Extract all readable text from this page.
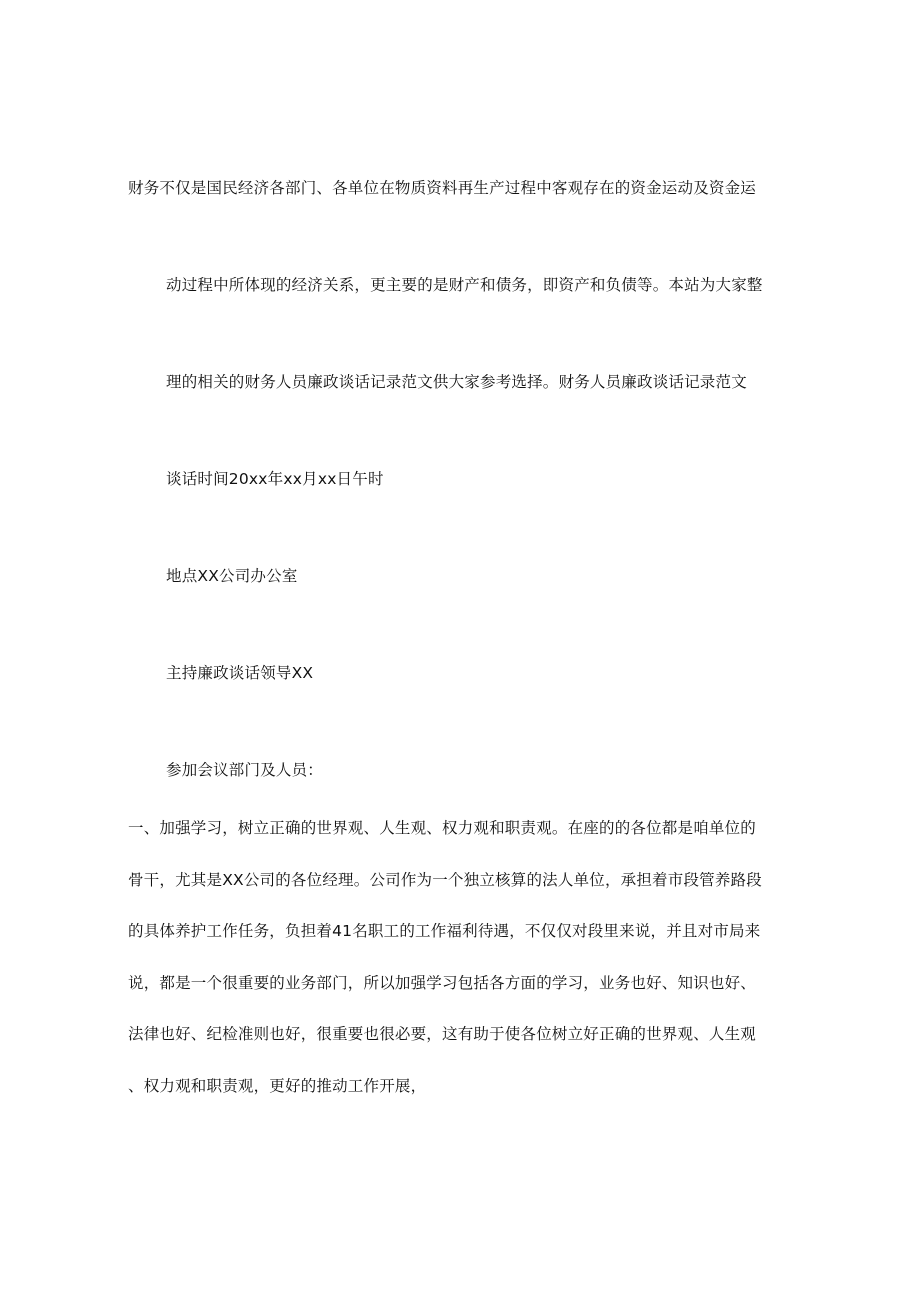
财务不仅是国民经济各部门、各单位在物质资料再生产过程中客观存在的资金运动及资金运
动过程中所体现的经济关系，更主要的是财产和债务，即资产和负债等。本站为大家整
理的相关的财务人员廉政谈话记录范文供大家参考选择。财务人员廉政谈话记录范文
谈话时间20xx年xx月xx日午时
地点XX公司办公室
主持廉政谈话领导XX
参加会议部门及人员：
一、加强学习，树立正确的世界观、人生观、权力观和职责观。在座的的各位都是咱单位的
骨干，尤其是XX公司的各位经理。公司作为一个独立核算的法人单位，承担着市段管养路段
的具体养护工作任务，负担着41名职工的工作福利待遇，不仅仅对段里来说，并且对市局来
说，都是一个很重要的业务部门，所以加强学习包括各方面的学习，业务也好、知识也好、
法律也好、纪检准则也好，很重要也很必要，这有助于使各位树立好正确的世界观、人生观
、权力观和职责观，更好的推动工作开展，
